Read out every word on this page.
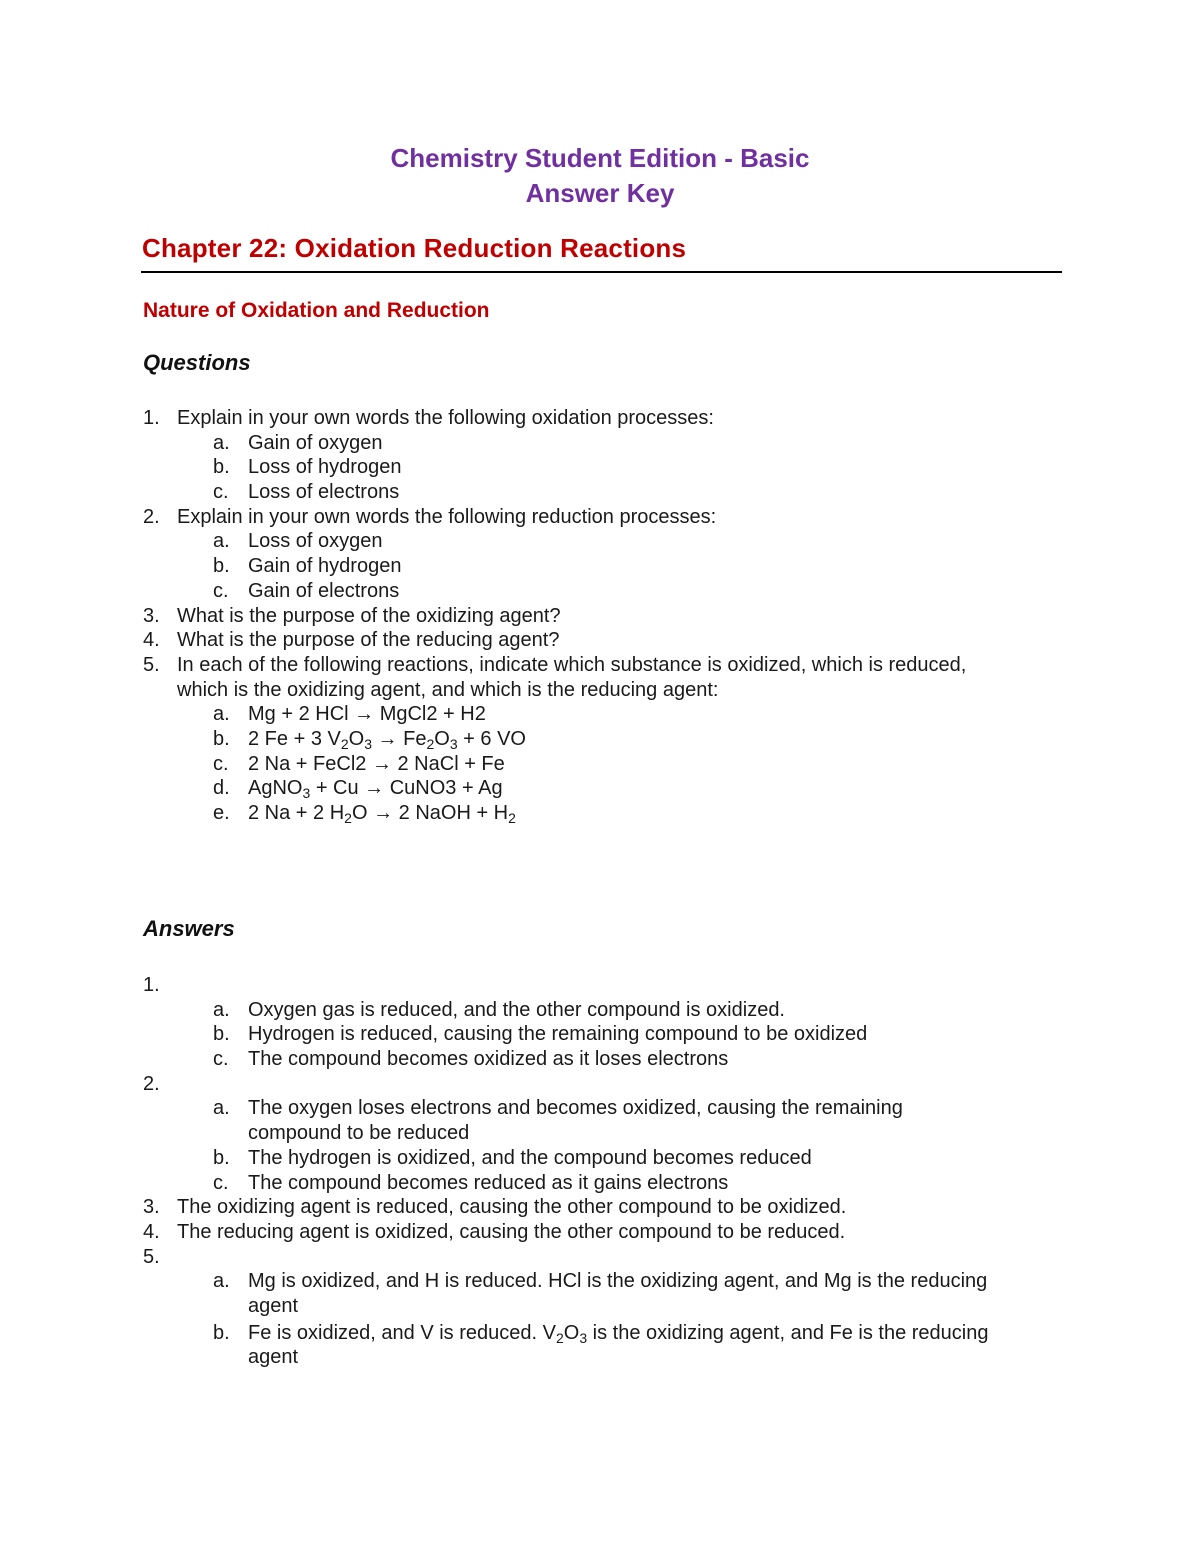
Chemistry Student Edition - Basic
Answer Key
Chapter 22: Oxidation Reduction Reactions
Nature of Oxidation and Reduction
Questions
1. Explain in your own words the following oxidation processes:
a. Gain of oxygen
b. Loss of hydrogen
c. Loss of electrons
2. Explain in your own words the following reduction processes:
a. Loss of oxygen
b. Gain of hydrogen
c. Gain of electrons
3. What is the purpose of the oxidizing agent?
4. What is the purpose of the reducing agent?
5. In each of the following reactions, indicate which substance is oxidized, which is reduced,
which is the oxidizing agent, and which is the reducing agent:
a. Mg + 2 HCl → MgCl2 + H2
b. 2 Fe + 3 $V_2O_3 \to Fe_2O_3 + 6$ VO
c. 2 Na + FeCl2 → 2 NaCl + Fe
d. AgNO$_3$ + Cu → CuNO3 + Ag
e. 2 Na + 2 $H_2O \to 2$ NaOH + $H_2$
Answers
1.
a. Oxygen gas is reduced, and the other compound is oxidized.
b. Hydrogen is reduced, causing the remaining compound to be oxidized
c. The compound becomes oxidized as it loses electrons
2.
a. The oxygen loses electrons and becomes oxidized, causing the remaining
compound to be reduced
b. The hydrogen is oxidized, and the compound becomes reduced
c. The compound becomes reduced as it gains electrons
3. The oxidizing agent is reduced, causing the other compound to be oxidized.
4. The reducing agent is oxidized, causing the other compound to be reduced.
5.
a. Mg is oxidized, and H is reduced. HCl is the oxidizing agent, and Mg is the reducing
agent
b. Fe is oxidized, and V is reduced. $V_2O_3$ is the oxidizing agent, and Fe is the reducing
agent
